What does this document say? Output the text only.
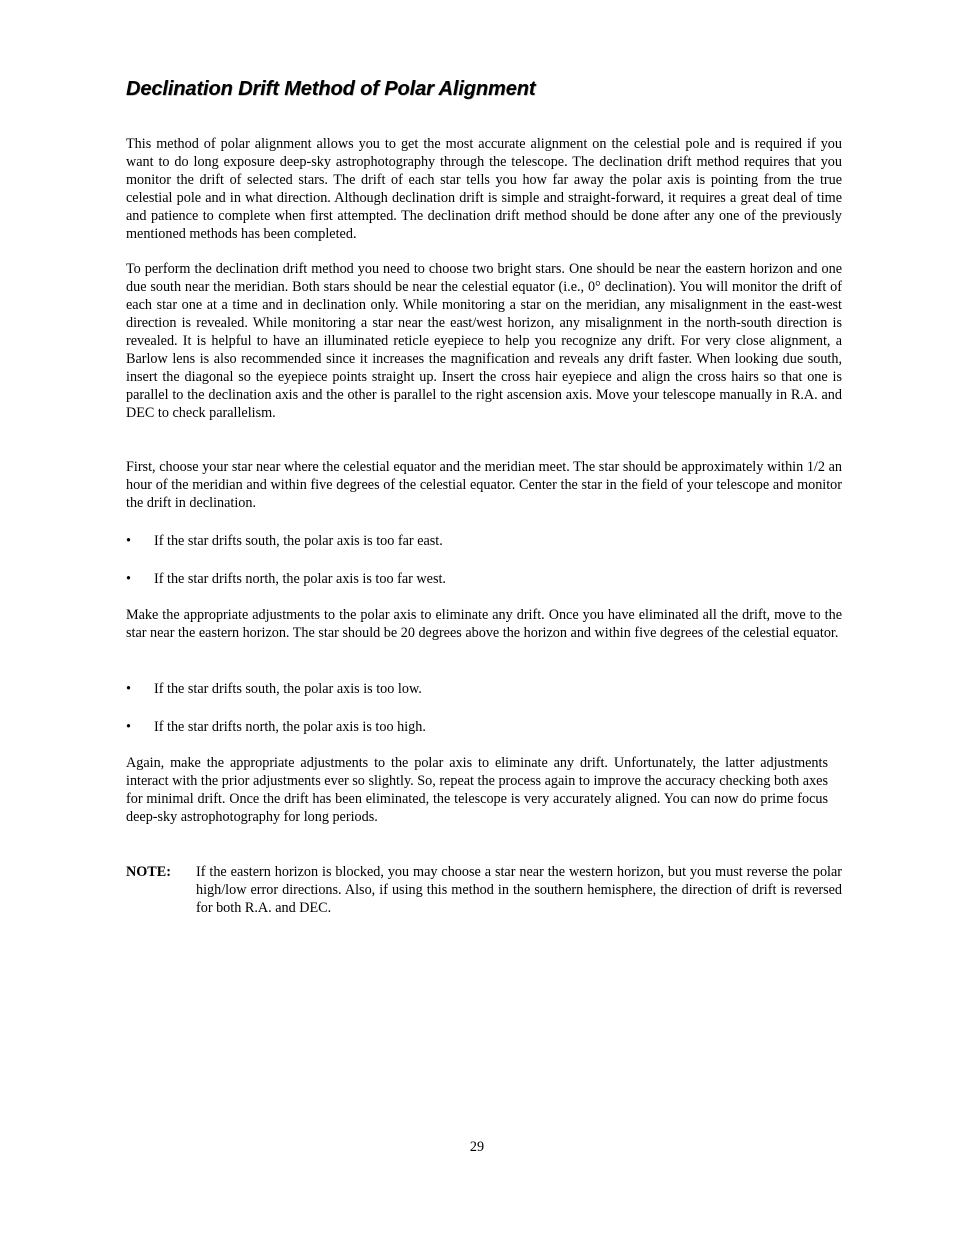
Declination Drift Method of Polar Alignment

This method of polar alignment allows you to get the most accurate alignment on the celestial pole and is required if you want to do long exposure deep-sky astrophotography through the telescope. The declination drift method requires that you monitor the drift of selected stars. The drift of each star tells you how far away the polar axis is pointing from the true celestial pole and in what direction. Although declination drift is simple and straight-forward, it requires a great deal of time and patience to complete when first attempted. The declination drift method should be done after any one of the previously mentioned methods has been completed.

To perform the declination drift method you need to choose two bright stars. One should be near the eastern horizon and one due south near the meridian. Both stars should be near the celestial equator (i.e., 0° declination). You will monitor the drift of each star one at a time and in declination only. While monitoring a star on the meridian, any misalignment in the east-west direction is revealed. While monitoring a star near the east/west horizon, any misalignment in the north-south direction is revealed. It is helpful to have an illuminated reticle eyepiece to help you recognize any drift. For very close alignment, a Barlow lens is also recommended since it increases the magnification and reveals any drift faster. When looking due south, insert the diagonal so the eyepiece points straight up. Insert the cross hair eyepiece and align the cross hairs so that one is parallel to the declination axis and the other is parallel to the right ascension axis. Move your telescope manually in R.A. and DEC to check parallelism.

First, choose your star near where the celestial equator and the meridian meet. The star should be approximately within 1/2 an hour of the meridian and within five degrees of the celestial equator. Center the star in the field of your telescope and monitor the drift in declination.

•	If the star drifts south, the polar axis is too far east.
•	If the star drifts north, the polar axis is too far west.

Make the appropriate adjustments to the polar axis to eliminate any drift. Once you have eliminated all the drift, move to the star near the eastern horizon. The star should be 20 degrees above the horizon and within five degrees of the celestial equator.

•	If the star drifts south, the polar axis is too low.
•	If the star drifts north, the polar axis is too high.

Again, make the appropriate adjustments to the polar axis to eliminate any drift. Unfortunately, the latter adjustments interact with the prior adjustments ever so slightly. So, repeat the process again to improve the accuracy checking both axes for minimal drift. Once the drift has been eliminated, the telescope is very accurately aligned. You can now do prime focus deep-sky astrophotography for long periods.

NOTE: If the eastern horizon is blocked, you may choose a star near the western horizon, but you must reverse the polar high/low error directions. Also, if using this method in the southern hemisphere, the direction of drift is reversed for both R.A. and DEC.

29
